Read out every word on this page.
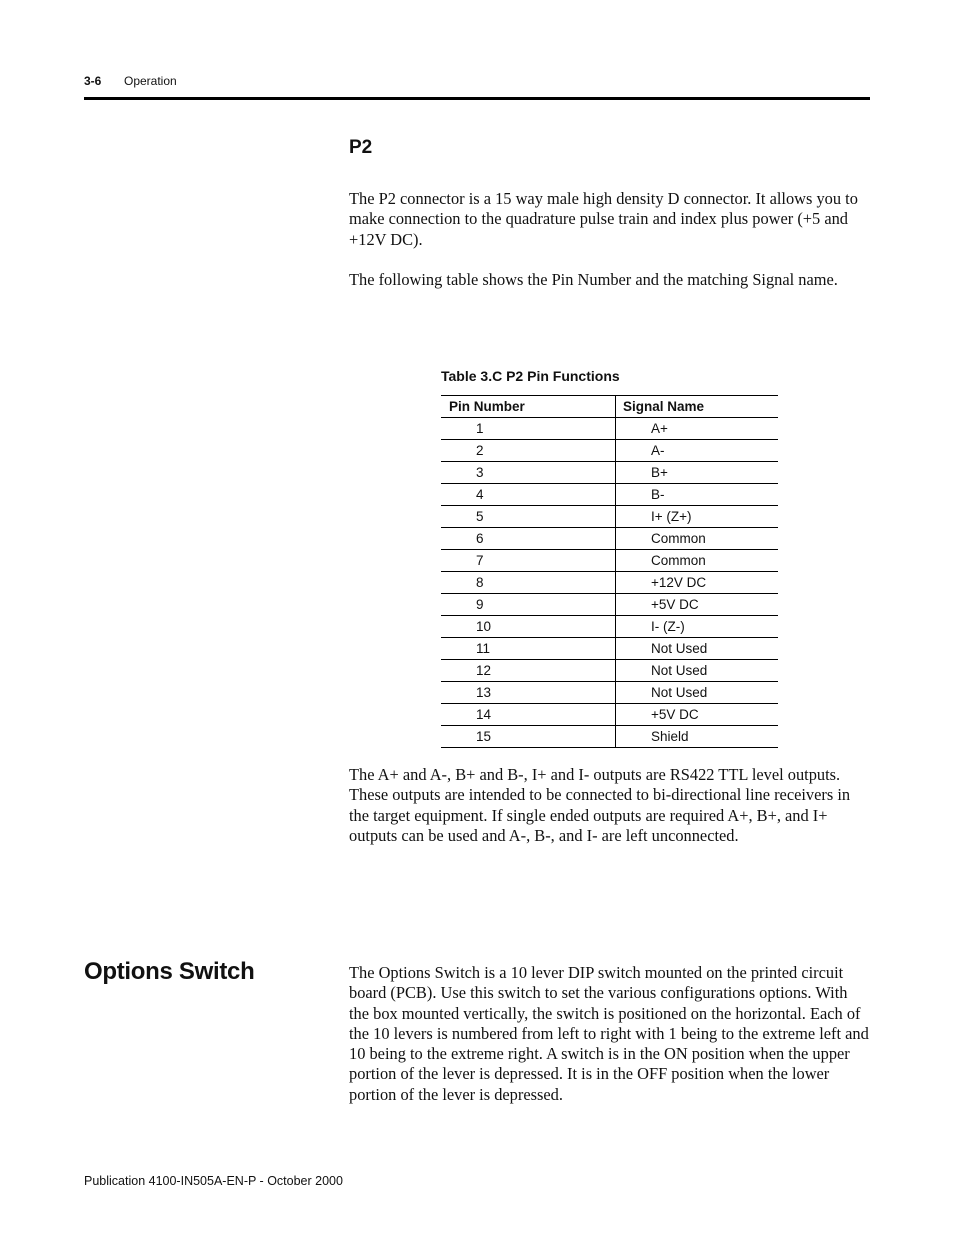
3-6 Operation
P2

The P2 connector is a 15 way male high density D connector. It allows you to make connection to the quadrature pulse train and index plus power (+5 and +12V DC).

The following table shows the Pin Number and the matching Signal name.

Table 3.C P2 Pin Functions
Pin Number	Signal Name
1	A+
2	A-
3	B+
4	B-
5	I+ (Z+)
6	Common
7	Common
8	+12V DC
9	+5V DC
10	I- (Z-)
11	Not Used
12	Not Used
13	Not Used
14	+5V DC
15	Shield

The A+ and A-, B+ and B-, I+ and I- outputs are RS422 TTL level outputs. These outputs are intended to be connected to bi-directional line receivers in the target equipment. If single ended outputs are required A+, B+, and I+ outputs can be used and A-, B-, and I- are left unconnected.

Options Switch	The Options Switch is a 10 lever DIP switch mounted on the printed circuit board (PCB). Use this switch to set the various configurations options. With the box mounted vertically, the switch is positioned on the horizontal. Each of the 10 levers is numbered from left to right with 1 being to the extreme left and 10 being to the extreme right. A switch is in the ON position when the upper portion of the lever is depressed. It is in the OFF position when the lower portion of the lever is depressed.

Publication 4100-IN505A-EN-P - October 2000
